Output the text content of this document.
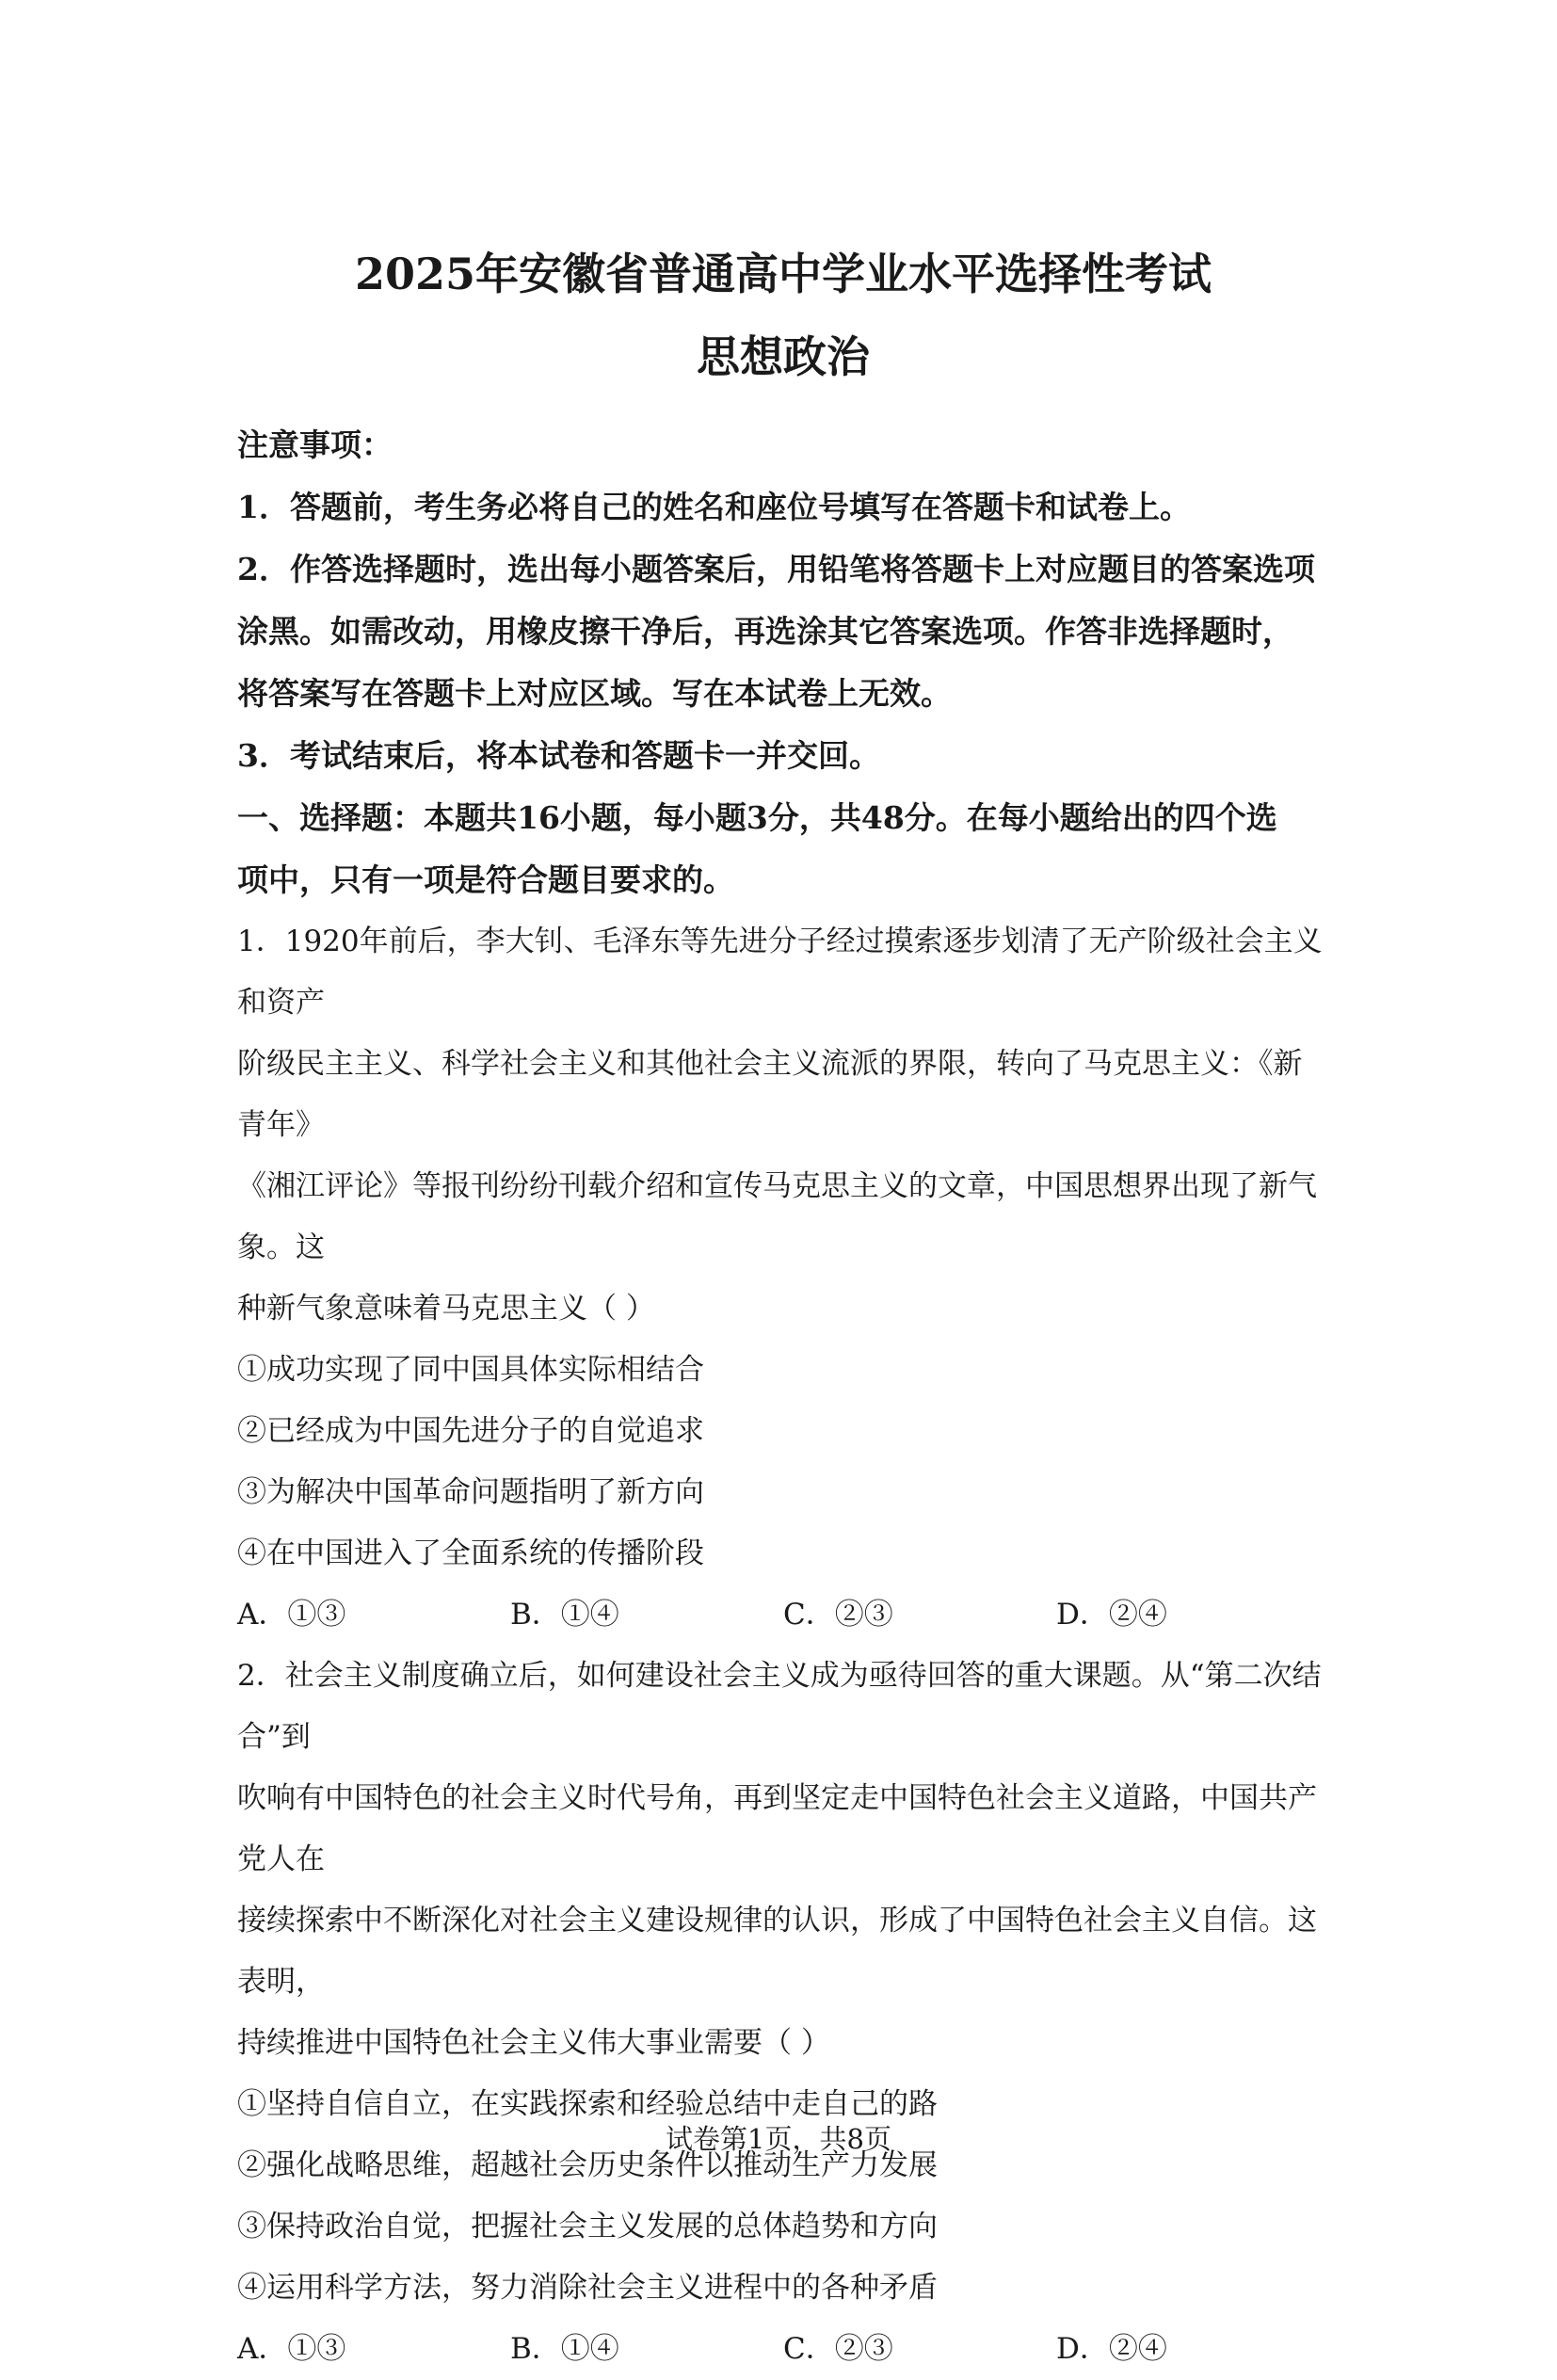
2025年安徽省普通高中学业水平选择性考试
思想政治

注意事项：

1．答题前，考生务必将自己的姓名和座位号填写在答题卡和试卷上。

2．作答选择题时，选出每小题答案后，用铅笔将答题卡上对应题目的答案选项

涂黑。如需改动，用橡皮擦干净后，再选涂其它答案选项。作答非选择题时，

将答案写在答题卡上对应区域。写在本试卷上无效。

3．考试结束后，将本试卷和答题卡一并交回。

一、选择题：本题共16小题，每小题3分，共48分。在每小题给出的四个选

项中，只有一项是符合题目要求的。

1．1920年前后，李大钊、毛泽东等先进分子经过摸索逐步划清了无产阶级社会主义和资产

阶级民主主义、科学社会主义和其他社会主义流派的界限，转向了马克思主义：《新青年》

《湘江评论》等报刊纷纷刊载介绍和宣传马克思主义的文章，中国思想界出现了新气象。这

种新气象意味着马克思主义（ ）

①成功实现了同中国具体实际相结合

②已经成为中国先进分子的自觉追求

③为解决中国革命问题指明了新方向

④在中国进入了全面系统的传播阶段

A．①③	B．①④	C．②③	D．②④

2．社会主义制度确立后，如何建设社会主义成为亟待回答的重大课题。从“第二次结合”到

吹响有中国特色的社会主义时代号角，再到坚定走中国特色社会主义道路，中国共产党人在

接续探索中不断深化对社会主义建设规律的认识，形成了中国特色社会主义自信。这表明，

持续推进中国特色社会主义伟大事业需要（ ）

①坚持自信自立，在实践探索和经验总结中走自己的路

②强化战略思维，超越社会历史条件以推动生产力发展

③保持政治自觉，把握社会主义发展的总体趋势和方向

④运用科学方法，努力消除社会主义进程中的各种矛盾

A．①③	B．①④	C．②③	D．②④
试卷第1页，共8页
